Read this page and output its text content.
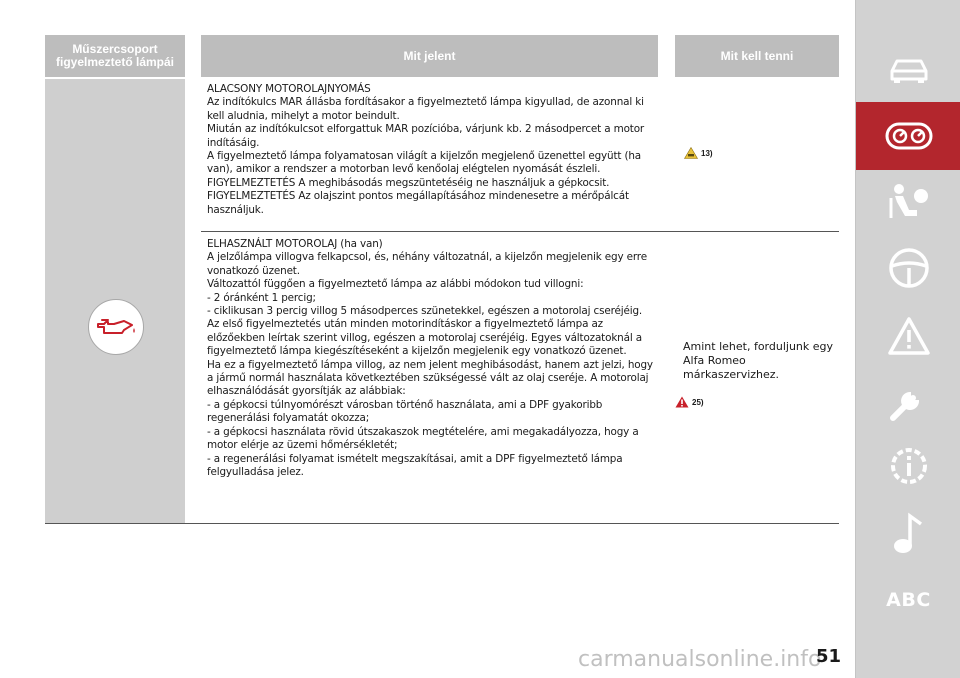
Műszercsoport figyelmeztető lámpái	Mit jelent	Mit kell tenni

ALACSONY MOTOROLAJNYOMÁS

Az indítókulcs MAR állásba fordításakor a figyelmeztető lámpa kigyullad, de azonnal ki kell aludnia, mihelyt a motor beindult.

Miután az indítókulcsot elforgattuk MAR pozícióba, várjunk kb. 2 másodpercet a motor indításáig.

A figyelmeztető lámpa folyamatosan világít a kijelzőn megjelenő üzenettel együtt (ha van), amikor a rendszer a motorban levő kenőolaj elégtelen nyomását észleli.

FIGYELMEZTETÉS A meghibásodás megszüntetéséig ne használjuk a gépkocsit.

FIGYELMEZTETÉS Az olajszint pontos megállapításához mindenesetre a mérőpálcát használjuk.

13)

ELHASZNÁLT MOTOROLAJ (ha van)

A jelzőlámpa villogva felkapcsol, és, néhány változatnál, a kijelzőn megjelenik egy erre vonatkozó üzenet.

Változattól függően a figyelmeztető lámpa az alábbi módokon tud villogni:

- 2 óránként 1 percig;

- ciklikusan 3 percig villog 5 másodperces szünetekkel, egészen a motorolaj cseréjéig.

Az első figyelmeztetés után minden motorindításkor a figyelmeztető lámpa az előzőekben leírtak szerint villog, egészen a motorolaj cseréjéig. Egyes változatoknál a figyelmeztető lámpa kiegészítéseként a kijelzőn megjelenik egy vonatkozó üzenet.

Ha ez a figyelmeztető lámpa villog, az nem jelent meghibásodást, hanem azt jelzi, hogy a jármű normál használata következtében szükségessé vált az olaj cseréje. A motorolaj elhasználódását gyorsítják az alábbiak:

- a gépkocsi túlnyomórészt városban történő használata, ami a DPF gyakoribb regenerálási folyamatát okozza;

- a gépkocsi használata rövid útszakaszok megtételére, ami megakadályozza, hogy a motor elérje az üzemi hőmérsékletét;

- a regenerálási folyamat ismételt megszakításai, amit a DPF figyelmeztető lámpa felgyulladása jelez.

Amint lehet, forduljunk egy Alfa Romeo márkaszervizhez.
25)
carmanualsonline.info
51
ABC
